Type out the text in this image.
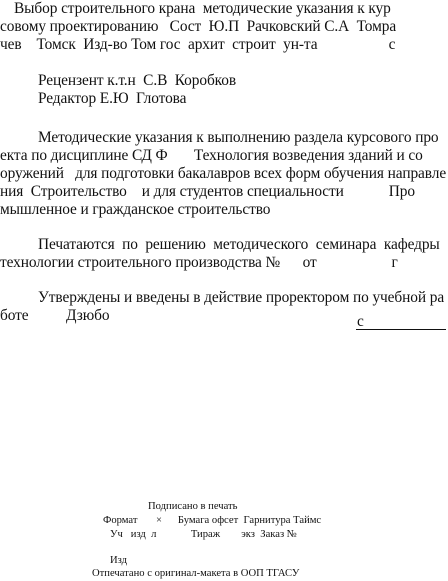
Выбор строительного крана  методические указания к кур
совому проектированию   Сост  Ю.П  Рачковский С.А  Томра
чев    Томск  Изд-во Том гос  архит  строит  ун-та                   с
Рецензент к.т.н  С.В  Коробков
Редактор Е.Ю  Глотова
Методические указания к выполнению раздела курсового про
екта по дисциплине СД Ф       Технология возведения зданий и со
оружений   для подготовки бакалавров всех форм обучения направле
ния  Строительство    и для студентов специальности            Про
мышленное и гражданское строительство
Печатаются  по  решению  методического  семинара  кафедры
технологии строительного производства №      от                    г
Утверждены и введены в действие проректором по учебной ра
боте          Дзюбо	с
Подписано в печать
Формат       ×      Бумага офсет  Гарнитура Таймс
Уч   изд  л             Тираж        экз  Заказ №
Изд
Отпечатано с оригинал-макета в ООП ТГАСУ
